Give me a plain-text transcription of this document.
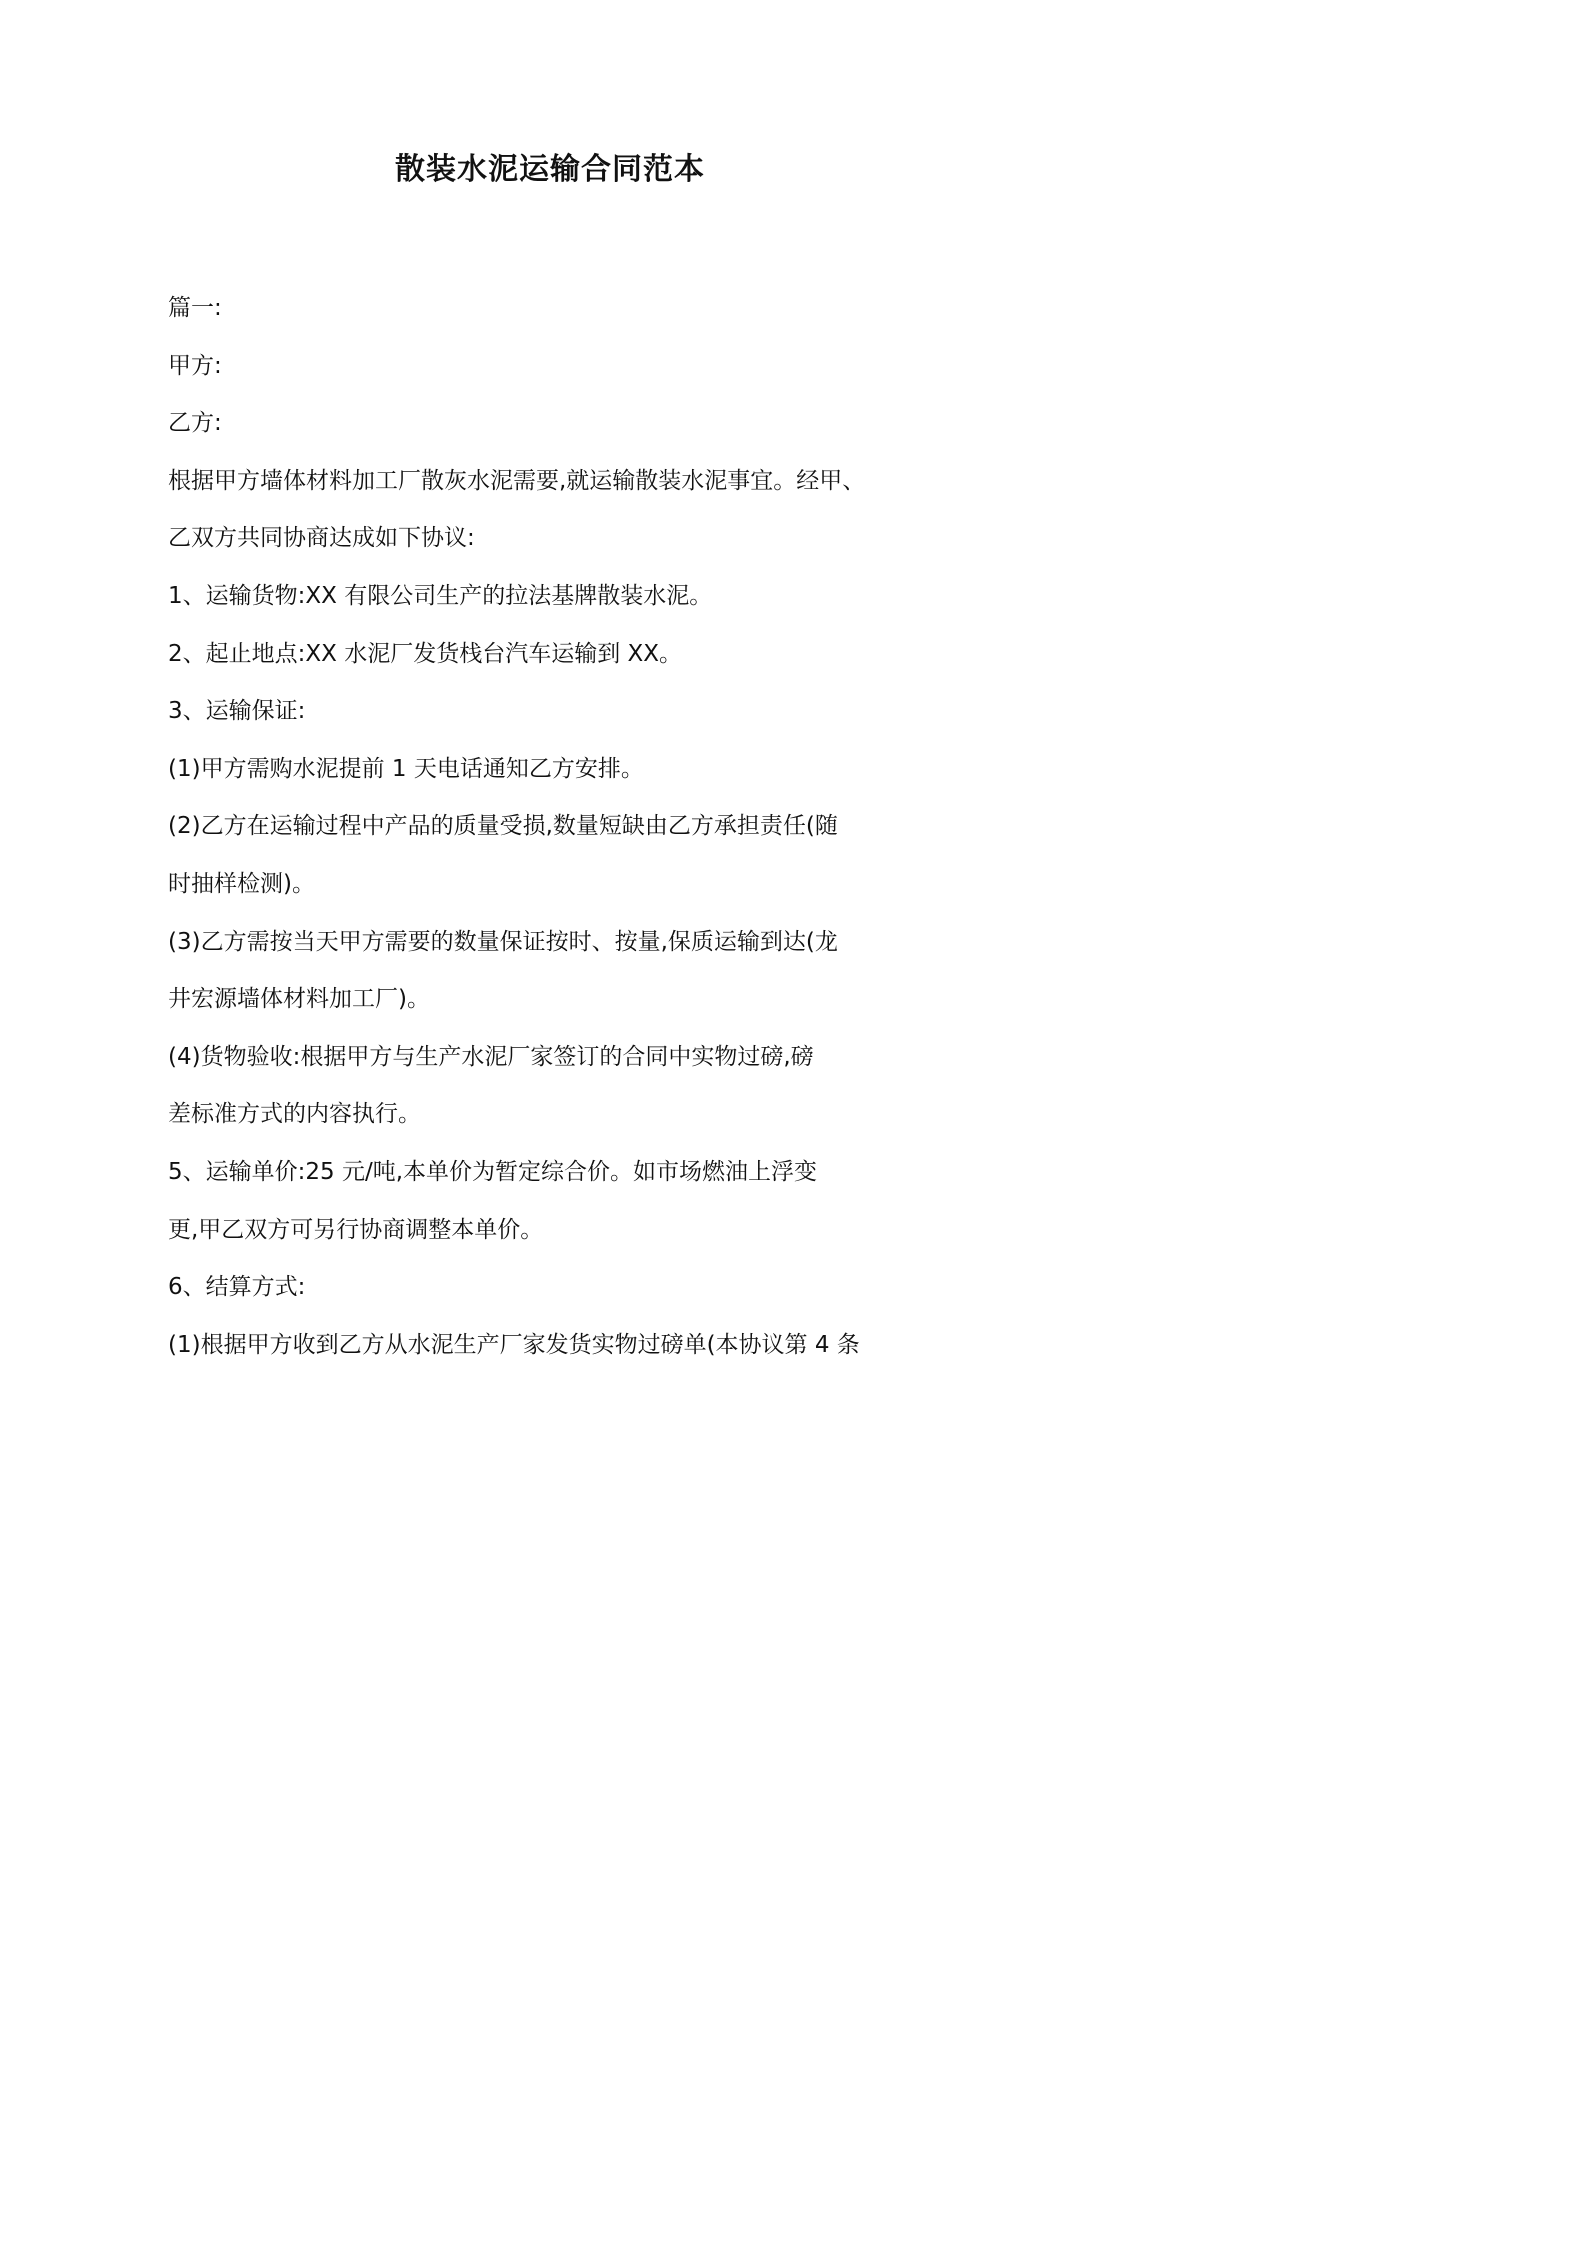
散装水泥运输合同范本
篇一:
甲方:
乙方:
根据甲方墙体材料加工厂散灰水泥需要,就运输散装水泥事宜。经甲、
乙双方共同协商达成如下协议:
1、运输货物:XX 有限公司生产的拉法基牌散装水泥。
2、起止地点:XX 水泥厂发货栈台汽车运输到 XX。
3、运输保证:
(1)甲方需购水泥提前 1 天电话通知乙方安排。
(2)乙方在运输过程中产品的质量受损,数量短缺由乙方承担责任(随
时抽样检测)。
(3)乙方需按当天甲方需要的数量保证按时、按量,保质运输到达(龙
井宏源墙体材料加工厂)。
(4)货物验收:根据甲方与生产水泥厂家签订的合同中实物过磅,磅
差标准方式的内容执行。
5、运输单价:25 元/吨,本单价为暂定综合价。如市场燃油上浮变
更,甲乙双方可另行协商调整本单价。
6、结算方式:
(1)根据甲方收到乙方从水泥生产厂家发货实物过磅单(本协议第 4 条
